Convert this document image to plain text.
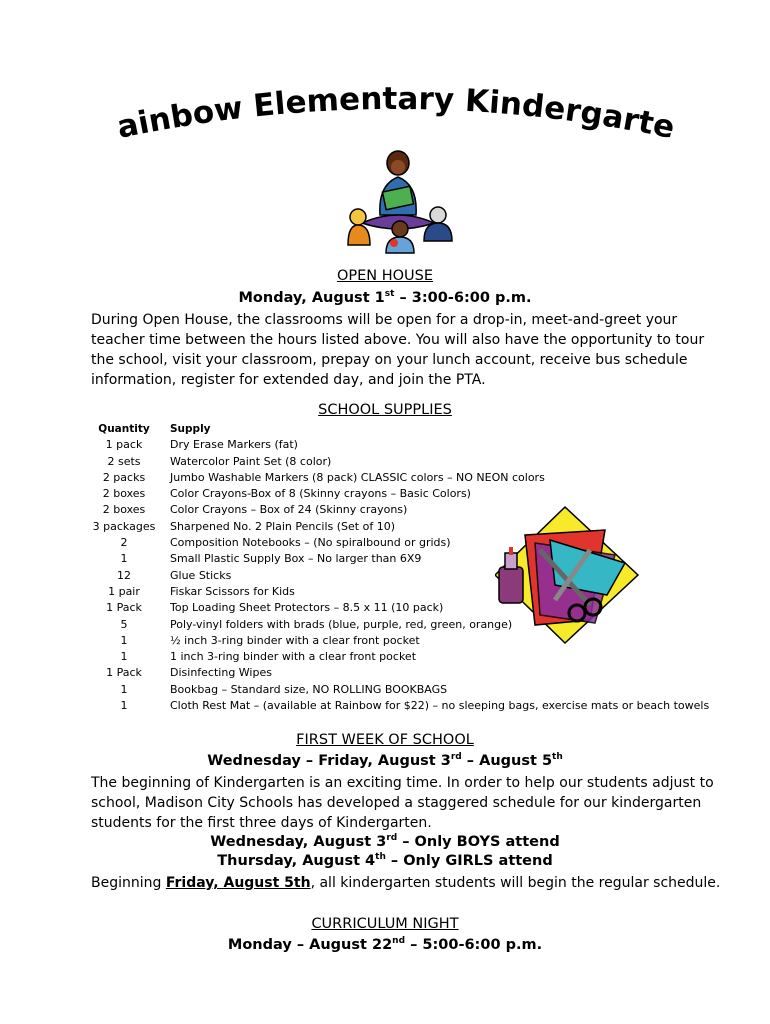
ainbow Elementary Kindergarte
OPEN HOUSE
Monday, August 1st – 3:00-6:00 p.m.
During Open House, the classrooms will be open for a drop-in, meet-and-greet your teacher time between the hours listed above. You will also have the opportunity to tour the school, visit your classroom, prepay on your lunch account, receive bus schedule information, register for extended day, and join the PTA.
SCHOOL SUPPLIES
Quantity	Supply
1 pack	Dry Erase Markers (fat)
2 sets	Watercolor Paint Set (8 color)
2 packs	Jumbo Washable Markers (8 pack) CLASSIC colors – NO NEON colors
2 boxes	Color Crayons-Box of 8 (Skinny crayons – Basic Colors)
2 boxes	Color Crayons – Box of 24 (Skinny crayons)
3 packages	Sharpened No. 2 Plain Pencils (Set of 10)
2	Composition Notebooks – (No spiralbound or grids)
1	Small Plastic Supply Box – No larger than 6X9
12	Glue Sticks
1 pair	Fiskar Scissors for Kids
1 Pack	Top Loading Sheet Protectors – 8.5 x 11 (10 pack)
5	Poly-vinyl folders with brads (blue, purple, red, green, orange)
1	½ inch 3-ring binder with a clear front pocket
1	1 inch 3-ring binder with a clear front pocket
1 Pack	Disinfecting Wipes
1	Bookbag – Standard size, NO ROLLING BOOKBAGS
1	Cloth Rest Mat – (available at Rainbow for $22) – no sleeping bags, exercise mats or beach towels
FIRST WEEK OF SCHOOL
Wednesday – Friday, August 3rd – August 5th
The beginning of Kindergarten is an exciting time. In order to help our students adjust to school, Madison City Schools has developed a staggered schedule for our kindergarten students for the first three days of Kindergarten.
Wednesday, August 3rd – Only BOYS attend
Thursday, August 4th – Only GIRLS attend
Beginning Friday, August 5th, all kindergarten students will begin the regular schedule.
CURRICULUM NIGHT
Monday – August 22nd – 5:00-6:00 p.m.
